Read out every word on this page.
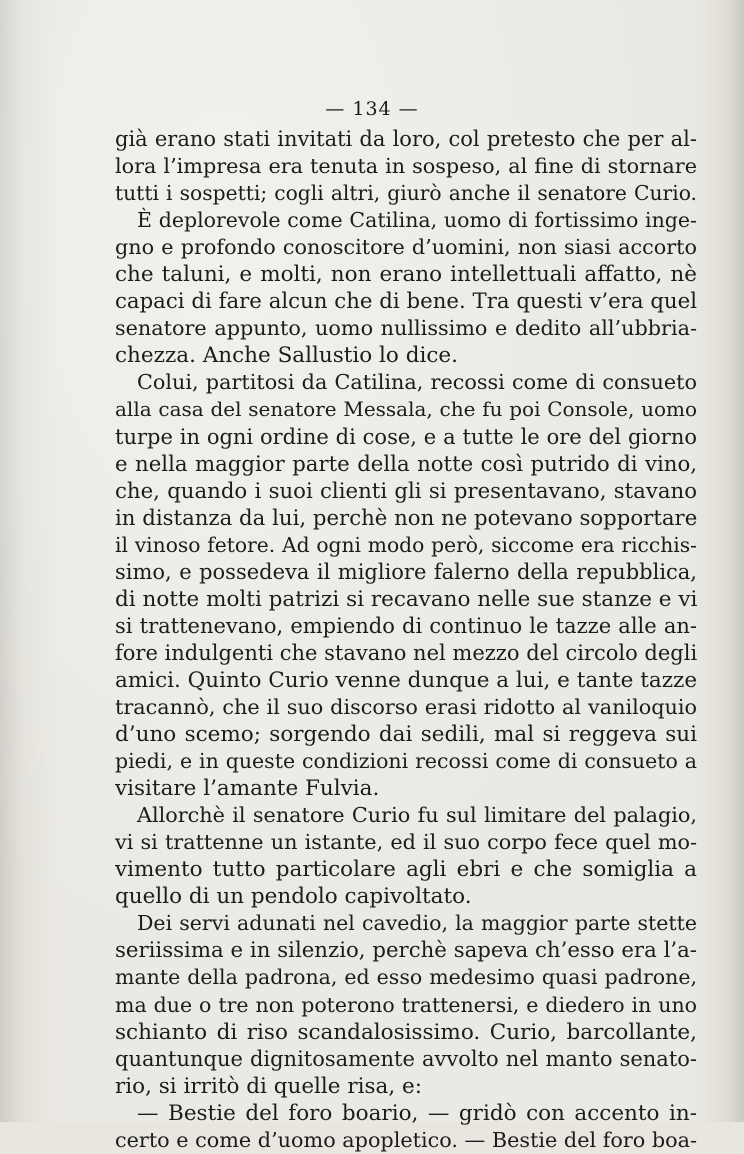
— 134 —
già erano stati invitati da loro, col pretesto che per al-
lora l’impresa era tenuta in sospeso, al fine di stornare
tutti i sospetti; cogli altri, giurò anche il senatore Curio.
È deplorevole come Catilina, uomo di fortissimo inge-
gno e profondo conoscitore d’uomini, non siasi accorto
che taluni, e molti, non erano intellettuali affatto, nè
capaci di fare alcun che di bene. Tra questi v’era quel
senatore appunto, uomo nullissimo e dedito all’ubbria-
chezza. Anche Sallustio lo dice.
Colui, partitosi da Catilina, recossi come di consueto
alla casa del senatore Messala, che fu poi Console, uomo
turpe in ogni ordine di cose, e a tutte le ore del giorno
e nella maggior parte della notte così putrido di vino,
che, quando i suoi clienti gli si presentavano, stavano
in distanza da lui, perchè non ne potevano sopportare
il vinoso fetore. Ad ogni modo però, siccome era ricchis-
simo, e possedeva il migliore falerno della repubblica,
di notte molti patrizi si recavano nelle sue stanze e vi
si trattenevano, empiendo di continuo le tazze alle an-
fore indulgenti che stavano nel mezzo del circolo degli
amici. Quinto Curio venne dunque a lui, e tante tazze
tracannò, che il suo discorso erasi ridotto al vaniloquio
d’uno scemo; sorgendo dai sedili, mal si reggeva sui
piedi, e in queste condizioni recossi come di consueto a
visitare l’amante Fulvia.
Allorchè il senatore Curio fu sul limitare del palagio,
vi si trattenne un istante, ed il suo corpo fece quel mo-
vimento tutto particolare agli ebri e che somiglia a
quello di un pendolo capivoltato.
Dei servi adunati nel cavedio, la maggior parte stette
seriissima e in silenzio, perchè sapeva ch’esso era l’a-
mante della padrona, ed esso medesimo quasi padrone,
ma due o tre non poterono trattenersi, e diedero in uno
schianto di riso scandalosissimo. Curio, barcollante,
quantunque dignitosamente avvolto nel manto senato-
rio, si irritò di quelle risa, e:
— Bestie del foro boario, — gridò con accento in-
certo e come d’uomo apopletico. — Bestie del foro boa-
